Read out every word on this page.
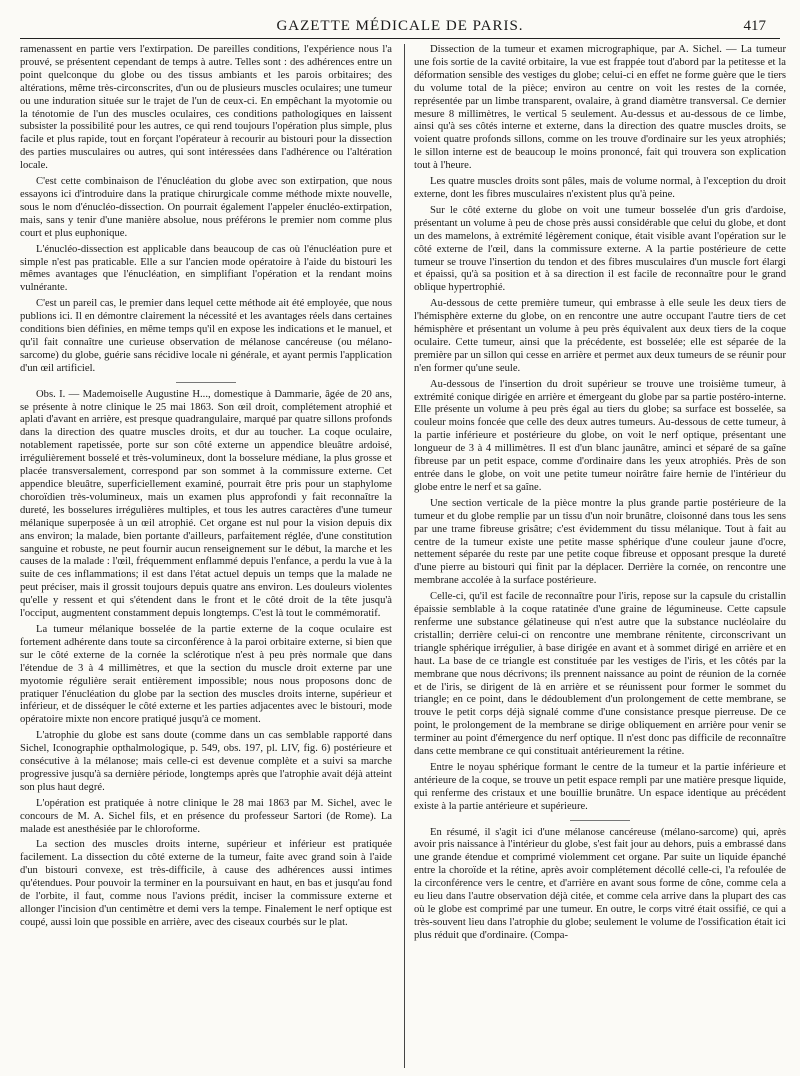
GAZETTE MÉDICALE DE PARIS.	417

ramenassent en partie vers l'extirpation. De pareilles conditions, l'expérience nous l'a prouvé, se présentent cependant de temps à autre. Telles sont : des adhérences entre un point quelconque du globe ou des tissus ambiants et les parois orbitaires; des altérations, même très-circonscrites, d'un ou de plusieurs muscles oculaires; une tumeur ou une induration située sur le trajet de l'un de ceux-ci. En empêchant la myotomie ou la ténotomie de l'un des muscles oculaires, ces conditions pathologiques en laissent subsister la possibilité pour les autres, ce qui rend toujours l'opération plus simple, plus facile et plus rapide, tout en forçant l'opérateur à recourir au bistouri pour la dissection des parties musculaires ou autres, qui sont intéressées dans l'adhérence ou l'altération locale.

C'est cette combinaison de l'énucléation du globe avec son extirpation, que nous essayons ici d'introduire dans la pratique chirurgicale comme méthode mixte nouvelle, sous le nom d'énucléo-dissection. On pourrait également l'appeler énucléo-extirpation, mais, sans y tenir d'une manière absolue, nous préférons le premier nom comme plus court et plus euphonique.

L'énucléo-dissection est applicable dans beaucoup de cas où l'énucléation pure et simple n'est pas praticable. Elle a sur l'ancien mode opératoire à l'aide du bistouri les mêmes avantages que l'énucléation, en simplifiant l'opération et la rendant moins vulnérante.

C'est un pareil cas, le premier dans lequel cette méthode ait été employée, que nous publions ici. Il en démontre clairement la nécessité et les avantages réels dans certaines conditions bien définies, en même temps qu'il en expose les indications et le manuel, et qu'il fait connaître une curieuse observation de mélanose cancéreuse (ou mélano-sarcome) du globe, guérie sans récidive locale ni générale, et ayant permis l'application d'un œil artificiel.

Obs. I. — Mademoiselle Augustine H..., domestique à Dammarie, âgée de 20 ans, se présente à notre clinique le 25 mai 1863. Son œil droit, complétement atrophié et aplati d'avant en arrière, est presque quadrangulaire, marqué par quatre sillons profonds dans la direction des quatre muscles droits, et dur au toucher. La coque oculaire, notablement rapetissée, porte sur son côté externe un appendice bleuâtre ardoisé, irrégulièrement bosselé et très-volumineux, dont la bosselure médiane, la plus grosse et placée transversalement, correspond par son sommet à la commissure externe. Cet appendice bleuâtre, superficiellement examiné, pourrait être pris pour un staphylome choroïdien très-volumineux, mais un examen plus approfondi y fait reconnaître la dureté, les bosselures irrégulières multiples, et tous les autres caractères d'une tumeur mélanique superposée à un œil atrophié. Cet organe est nul pour la vision depuis dix ans environ; la malade, bien portante d'ailleurs, parfaitement réglée, d'une constitution sanguine et robuste, ne peut fournir aucun renseignement sur le début, la marche et les causes de la malade : l'œil, fréquemment enflammé depuis l'enfance, a perdu la vue à la suite de ces inflammations; il est dans l'état actuel depuis un temps que la malade ne peut préciser, mais il grossit toujours depuis quatre ans environ. Les douleurs violentes qu'elle y ressent et qui s'étendent dans le front et le côté droit de la tête jusqu'à l'occiput, augmentent constamment depuis longtemps. C'est là tout le commémoratif.

La tumeur mélanique bosselée de la partie externe de la coque oculaire est fortement adhérente dans toute sa circonférence à la paroi orbitaire externe, si bien que sur le côté externe de la cornée la sclérotique n'est à peu près normale que dans l'étendue de 3 à 4 millimètres, et que la section du muscle droit externe par une myotomie régulière serait entièrement impossible; nous nous proposons donc de pratiquer l'énucléation du globe par la section des muscles droits interne, supérieur et inférieur, et de disséquer le côté externe et les parties adjacentes avec le bistouri, mode opératoire mixte non encore pratiqué jusqu'à ce moment.

L'atrophie du globe est sans doute (comme dans un cas semblable rapporté dans Sichel, Iconographie opthalmologique, p. 549, obs. 197, pl. LIV, fig. 6) postérieure et consécutive à la mélanose; mais celle-ci est devenue complète et a suivi sa marche progressive jusqu'à sa dernière période, longtemps après que l'atrophie avait déjà atteint son plus haut degré.

L'opération est pratiquée à notre clinique le 28 mai 1863 par M. Sichel, avec le concours de M. A. Sichel fils, et en présence du professeur Sartori (de Rome). La malade est anesthésiée par le chloroforme.

La section des muscles droits interne, supérieur et inférieur est pratiquée facilement. La dissection du côté externe de la tumeur, faite avec grand soin à l'aide d'un bistouri convexe, est très-difficile, à cause des adhérences aussi intimes qu'étendues. Pour pouvoir la terminer en la poursuivant en haut, en bas et jusqu'au fond de l'orbite, il faut, comme nous l'avions prédit, inciser la commissure externe et allonger l'incision d'un centimètre et demi vers la tempe. Finalement le nerf optique est coupé, aussi loin que possible en arrière, avec des ciseaux courbés sur le plat.

Dissection de la tumeur et examen micrographique, par A. Sichel. — La tumeur une fois sortie de la cavité orbitaire, la vue est frappée tout d'abord par la petitesse et la déformation sensible des vestiges du globe; celui-ci en effet ne forme guère que le tiers du volume total de la pièce; environ au centre on voit les restes de la cornée, représentée par un limbe transparent, ovalaire, à grand diamètre transversal. Ce dernier mesure 8 millimètres, le vertical 5 seulement. Au-dessus et au-dessous de ce limbe, ainsi qu'à ses côtés interne et externe, dans la direction des quatre muscles droits, se voient quatre profonds sillons, comme on les trouve d'ordinaire sur les yeux atrophiés; le sillon interne est de beaucoup le moins prononcé, fait qui trouvera son explication tout à l'heure.

Les quatre muscles droits sont pâles, mais de volume normal, à l'exception du droit externe, dont les fibres musculaires n'existent plus qu'à peine.

Sur le côté externe du globe on voit une tumeur bosselée d'un gris d'ardoise, présentant un volume à peu de chose près aussi considérable que celui du globe, et dont un des mamelons, à extrémité légèrement conique, était visible avant l'opération sur le côté externe de l'œil, dans la commissure externe. A la partie postérieure de cette tumeur se trouve l'insertion du tendon et des fibres musculaires d'un muscle fort élargi et épaissi, qu'à sa position et à sa direction il est facile de reconnaître pour le grand oblique hypertrophié.

Au-dessous de cette première tumeur, qui embrasse à elle seule les deux tiers de l'hémisphère externe du globe, on en rencontre une autre occupant l'autre tiers de cet hémisphère et présentant un volume à peu près équivalent aux deux tiers de la coque oculaire. Cette tumeur, ainsi que la précédente, est bosselée; elle est séparée de la première par un sillon qui cesse en arrière et permet aux deux tumeurs de se réunir pour n'en former qu'une seule.

Au-dessous de l'insertion du droit supérieur se trouve une troisième tumeur, à extrémité conique dirigée en arrière et émergeant du globe par sa partie postéro-interne. Elle présente un volume à peu près égal au tiers du globe; sa surface est bosselée, sa couleur moins foncée que celle des deux autres tumeurs. Au-dessous de cette tumeur, à la partie inférieure et postérieure du globe, on voit le nerf optique, présentant une longueur de 3 à 4 millimètres. Il est d'un blanc jaunâtre, aminci et séparé de sa gaîne fibreuse par un petit espace, comme d'ordinaire dans les yeux atrophiés. Près de son entrée dans le globe, on voit une petite tumeur noirâtre faire hernie de l'intérieur du globe entre le nerf et sa gaîne.

Une section verticale de la pièce montre la plus grande partie postérieure de la tumeur et du globe remplie par un tissu d'un noir brunâtre, cloisonné dans tous les sens par une trame fibreuse grisâtre; c'est évidemment du tissu mélanique. Tout à fait au centre de la tumeur existe une petite masse sphérique d'une couleur jaune d'ocre, nettement séparée du reste par une petite coque fibreuse et opposant presque la dureté d'une pierre au bistouri qui finit par la déplacer. Derrière la cornée, on rencontre une membrane accolée à la surface postérieure.

Celle-ci, qu'il est facile de reconnaître pour l'iris, repose sur la capsule du cristallin épaissie semblable à la coque ratatinée d'une graine de légumineuse. Cette capsule renferme une substance gélatineuse qui n'est autre que la substance nucléolaire du cristallin; derrière celui-ci on rencontre une membrane rénitente, circonscrivant un triangle sphérique irrégulier, à base dirigée en avant et à sommet dirigé en arrière et en haut. La base de ce triangle est constituée par les vestiges de l'iris, et les côtés par la membrane que nous décrivons; ils prennent naissance au point de réunion de la cornée et de l'iris, se dirigent de là en arrière et se réunissent pour former le sommet du triangle; en ce point, dans le dédoublement d'un prolongement de cette membrane, se trouve le petit corps déjà signalé comme d'une consistance presque pierreuse. De ce point, le prolongement de la membrane se dirige obliquement en arrière pour venir se terminer au point d'émergence du nerf optique. Il n'est donc pas difficile de reconnaître dans cette membrane ce qui constituait antérieurement la rétine.

Entre le noyau sphérique formant le centre de la tumeur et la partie inférieure et antérieure de la coque, se trouve un petit espace rempli par une matière presque liquide, qui renferme des cristaux et une bouillie brunâtre. Un espace identique au précédent existe à la partie antérieure et supérieure.

En résumé, il s'agit ici d'une mélanose cancéreuse (mélano-sarcome) qui, après avoir pris naissance à l'intérieur du globe, s'est fait jour au dehors, puis a embrassé dans une grande étendue et comprimé violemment cet organe. Par suite un liquide épanché entre la choroïde et la rétine, après avoir complétement décollé celle-ci, l'a refoulée de la circonférence vers le centre, et d'arrière en avant sous forme de cône, comme cela a eu lieu dans l'autre observation déjà citée, et comme cela arrive dans la plupart des cas où le globe est comprimé par une tumeur. En outre, le corps vitré était ossifié, ce qui a très-souvent lieu dans l'atrophie du globe; seulement le volume de l'ossification était ici plus réduit que d'ordinaire. (Compa-
